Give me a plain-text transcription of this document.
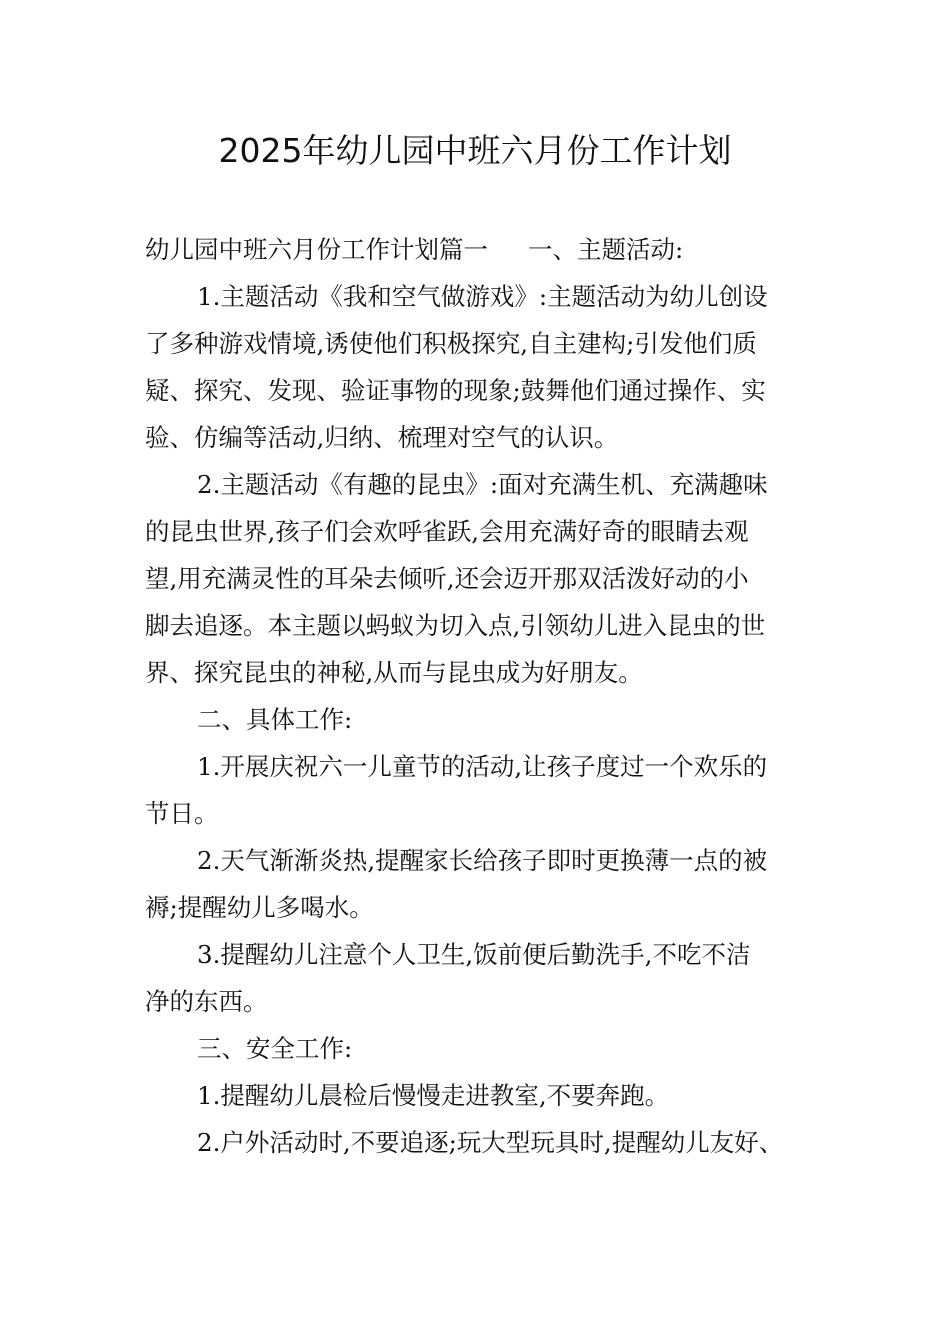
2025年幼儿园中班六月份工作计划
幼儿园中班六月份工作计划篇一 一、主题活动:
1.主题活动《我和空气做游戏》:主题活动为幼儿创设
了多种游戏情境,诱使他们积极探究,自主建构;引发他们质
疑、探究、发现、验证事物的现象;鼓舞他们通过操作、实
验、仿编等活动,归纳、梳理对空气的认识。
2.主题活动《有趣的昆虫》:面对充满生机、充满趣味
的昆虫世界,孩子们会欢呼雀跃,会用充满好奇的眼睛去观
望,用充满灵性的耳朵去倾听,还会迈开那双活泼好动的小
脚去追逐。本主题以蚂蚁为切入点,引领幼儿进入昆虫的世
界、探究昆虫的神秘,从而与昆虫成为好朋友。
二、具体工作:
1.开展庆祝六一儿童节的活动,让孩子度过一个欢乐的
节日。
2.天气渐渐炎热,提醒家长给孩子即时更换薄一点的被
褥;提醒幼儿多喝水。
3.提醒幼儿注意个人卫生,饭前便后勤洗手,不吃不洁
净的东西。
三、安全工作:
1.提醒幼儿晨检后慢慢走进教室,不要奔跑。
2.户外活动时,不要追逐;玩大型玩具时,提醒幼儿友好、
